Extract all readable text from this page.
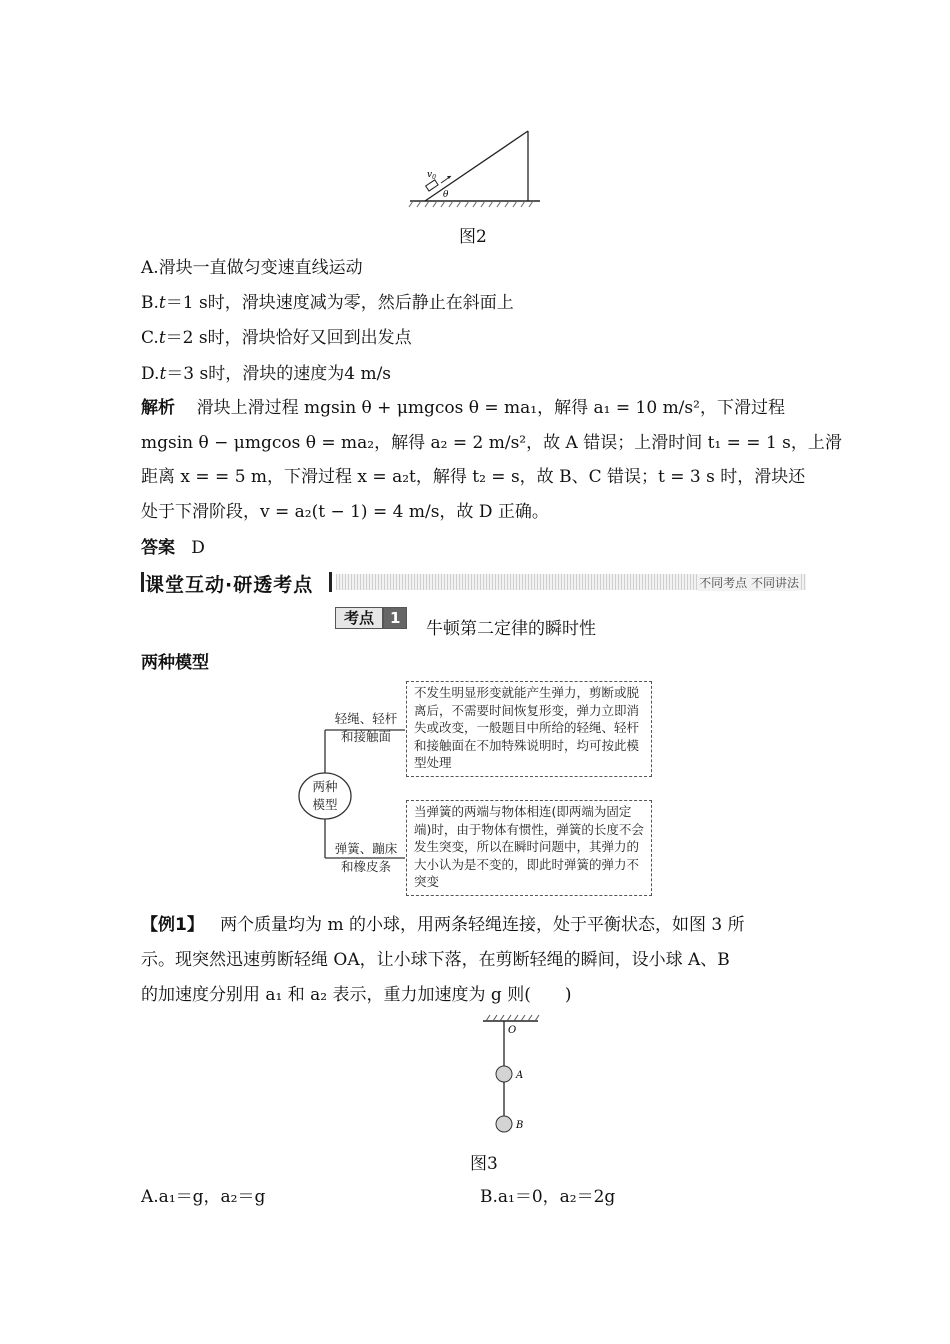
$v_0$
θ
图2
A.滑块一直做匀变速直线运动
B.t＝1 s时，滑块速度减为零，然后静止在斜面上
C.t＝2 s时，滑块恰好又回到出发点
D.t＝3 s时，滑块的速度为4 m/s
解析 滑块上滑过程 mgsin θ + μmgcos θ = ma₁，解得 a₁ = 10 m/s²，下滑过程
mgsin θ − μmgcos θ = ma₂，解得 a₂ = 2 m/s²，故 A 错误；上滑时间 t₁ = = 1 s，上滑
距离 x = = 5 m，下滑过程 x = a₂t，解得 t₂ = s，故 B、C 错误；t = 3 s 时，滑块还
处于下滑阶段，v = a₂(t − 1) = 4 m/s，故 D 正确。
答案 D
课堂互动·研透考点	不同考点 不同讲法
考点	1
牛顿第二定律的瞬时性
两种模型
两种
模型
轻绳、轻杆
和接触面
弹簧、蹦床
和橡皮条
不发生明显形变就能产生弹力，剪断或脱离后，不需要时间恢复形变，弹力立即消失或改变，一般题目中所给的轻绳、轻杆和接触面在不加特殊说明时，均可按此模型处理
当弹簧的两端与物体相连(即两端为固定端)时，由于物体有惯性，弹簧的长度不会发生突变，所以在瞬时问题中，其弹力的大小认为是不变的，即此时弹簧的弹力不突变
【例1】 两个质量均为 m 的小球，用两条轻绳连接，处于平衡状态，如图 3 所
示。现突然迅速剪断轻绳 OA，让小球下落，在剪断轻绳的瞬间，设小球 A、B
的加速度分别用 a₁ 和 a₂ 表示，重力加速度为 g 则(　　)
O
A
B
图3
A.a₁＝g，a₂＝g	B.a₁＝0，a₂＝2g
